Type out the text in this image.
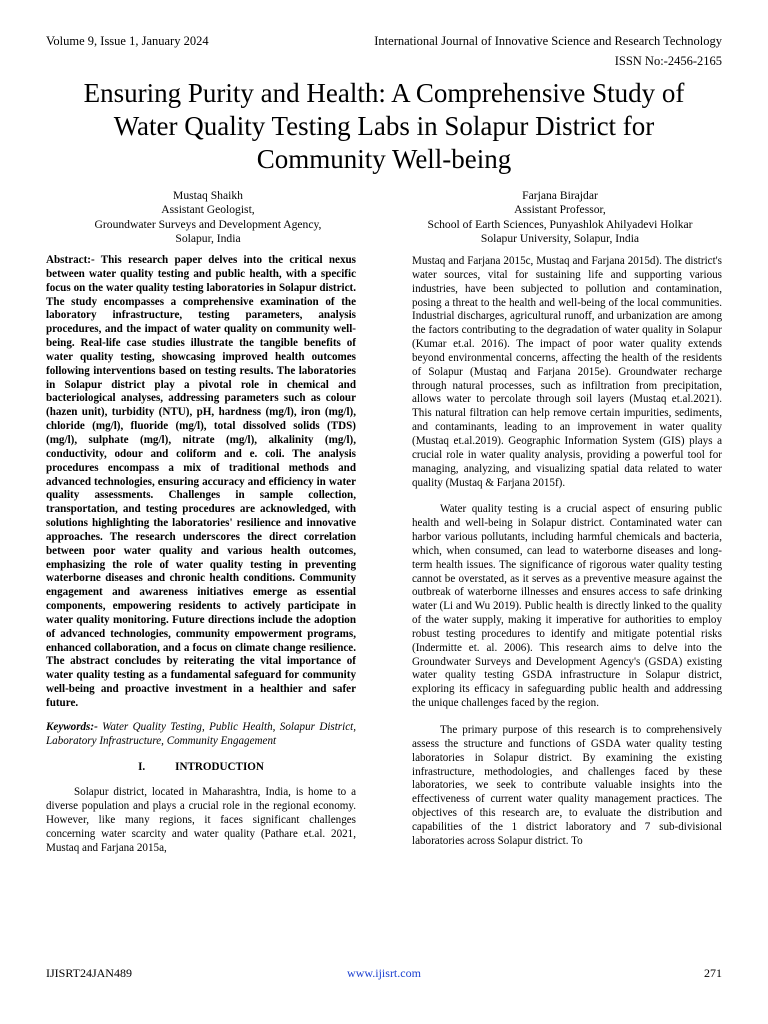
Volume 9, Issue 1, January 2024	International Journal of Innovative Science and Research Technology
ISSN No:-2456-2165
Ensuring Purity and Health: A Comprehensive Study of Water Quality Testing Labs in Solapur District for Community Well-being
Mustaq Shaikh
Assistant Geologist,
Groundwater Surveys and Development Agency,
Solapur, India
Farjana Birajdar
Assistant Professor,
School of Earth Sciences, Punyashlok Ahilyadevi Holkar
Solapur University, Solapur, India

Abstract:- This research paper delves into the critical nexus between water quality testing and public health, with a specific focus on the water quality testing laboratories in Solapur district. The study encompasses a comprehensive examination of the laboratory infrastructure, testing parameters, analysis procedures, and the impact of water quality on community well-being. Real-life case studies illustrate the tangible benefits of water quality testing, showcasing improved health outcomes following interventions based on testing results. The laboratories in Solapur district play a pivotal role in chemical and bacteriological analyses, addressing parameters such as colour (hazen unit), turbidity (NTU), pH, hardness (mg/l), iron (mg/l), chloride (mg/l), fluoride (mg/l), total dissolved solids (TDS) (mg/l), sulphate (mg/l), nitrate (mg/l), alkalinity (mg/l), conductivity, odour and coliform and e. coli. The analysis procedures encompass a mix of traditional methods and advanced technologies, ensuring accuracy and efficiency in water quality assessments. Challenges in sample collection, transportation, and testing procedures are acknowledged, with solutions highlighting the laboratories' resilience and innovative approaches. The research underscores the direct correlation between poor water quality and various health outcomes, emphasizing the role of water quality testing in preventing waterborne diseases and chronic health conditions. Community engagement and awareness initiatives emerge as essential components, empowering residents to actively participate in water quality monitoring. Future directions include the adoption of advanced technologies, community empowerment programs, enhanced collaboration, and a focus on climate change resilience. The abstract concludes by reiterating the vital importance of water quality testing as a fundamental safeguard for community well-being and proactive investment in a healthier and safer future.

Keywords:- Water Quality Testing, Public Health, Solapur District, Laboratory Infrastructure, Community Engagement

I.	INTRODUCTION

Solapur district, located in Maharashtra, India, is home to a diverse population and plays a crucial role in the regional economy. However, like many regions, it faces significant challenges concerning water scarcity and water quality (Pathare et.al. 2021, Mustaq and Farjana 2015a,

Mustaq and Farjana 2015c, Mustaq and Farjana 2015d). The district's water sources, vital for sustaining life and supporting various industries, have been subjected to pollution and contamination, posing a threat to the health and well-being of the local communities. Industrial discharges, agricultural runoff, and urbanization are among the factors contributing to the degradation of water quality in Solapur (Kumar et.al. 2016). The impact of poor water quality extends beyond environmental concerns, affecting the health of the residents of Solapur (Mustaq and Farjana 2015e). Groundwater recharge through natural processes, such as infiltration from precipitation, allows water to percolate through soil layers (Mustaq et.al.2021). This natural filtration can help remove certain impurities, sediments, and contaminants, leading to an improvement in water quality (Mustaq et.al.2019). Geographic Information System (GIS) plays a crucial role in water quality analysis, providing a powerful tool for managing, analyzing, and visualizing spatial data related to water quality (Mustaq & Farjana 2015f).

Water quality testing is a crucial aspect of ensuring public health and well-being in Solapur district. Contaminated water can harbor various pollutants, including harmful chemicals and bacteria, which, when consumed, can lead to waterborne diseases and long-term health issues. The significance of rigorous water quality testing cannot be overstated, as it serves as a preventive measure against the outbreak of waterborne illnesses and ensures access to safe drinking water (Li and Wu 2019). Public health is directly linked to the quality of the water supply, making it imperative for authorities to employ robust testing procedures to identify and mitigate potential risks (Indermitte et. al. 2006). This research aims to delve into the Groundwater Surveys and Development Agency's (GSDA) existing water quality testing GSDA infrastructure in Solapur district, exploring its efficacy in safeguarding public health and addressing the unique challenges faced by the region.

The primary purpose of this research is to comprehensively assess the structure and functions of GSDA water quality testing laboratories in Solapur district. By examining the existing infrastructure, methodologies, and challenges faced by these laboratories, we seek to contribute valuable insights into the effectiveness of current water quality management practices. The objectives of this research are, to evaluate the distribution and capabilities of the 1 district laboratory and 7 sub-divisional laboratories across Solapur district. To

IJISRT24JAN489	www.ijisrt.com	271
